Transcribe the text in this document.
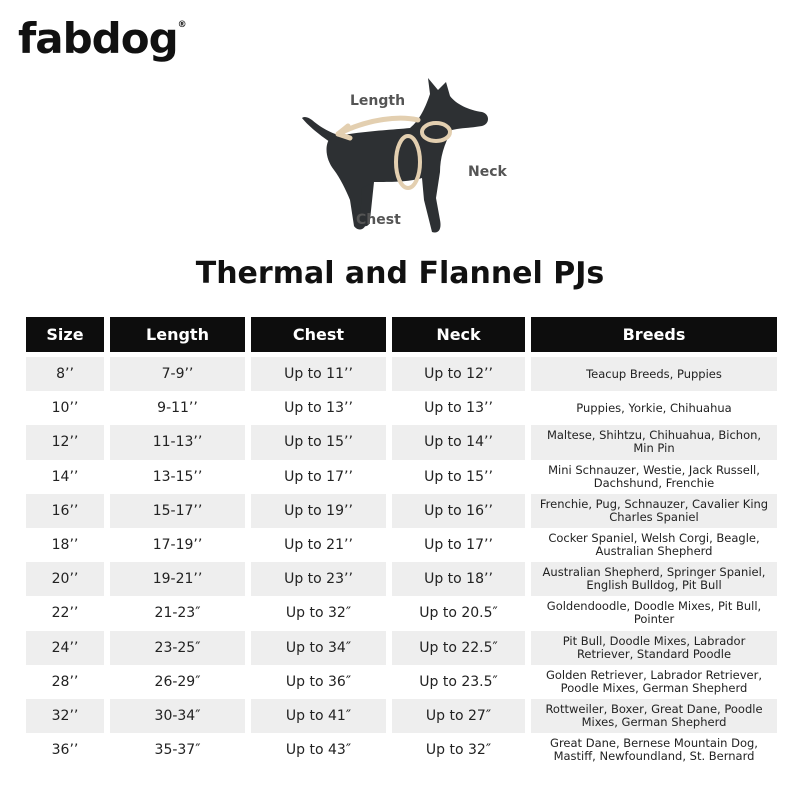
fabdog®
Length
Neck
Chest
Thermal and Flannel PJs
Size	Length	Chest	Neck	Breeds
8’’	7-9’’	Up to 11’’	Up to 12’’	Teacup Breeds, Puppies
10’’	9-11’’	Up to 13’’	Up to 13’’	Puppies, Yorkie, Chihuahua
12’’	11-13’’	Up to 15’’	Up to 14’’	Maltese, Shihtzu, Chihuahua, Bichon, Min Pin
14’’	13-15’’	Up to 17’’	Up to 15’’	Mini Schnauzer, Westie, Jack Russell, Dachshund, Frenchie
16’’	15-17’’	Up to 19’’	Up to 16’’	Frenchie, Pug, Schnauzer, Cavalier King Charles Spaniel
18’’	17-19’’	Up to 21’’	Up to 17’’	Cocker Spaniel, Welsh Corgi, Beagle, Australian Shepherd
20’’	19-21’’	Up to 23’’	Up to 18’’	Australian Shepherd, Springer Spaniel, English Bulldog, Pit Bull
22’’	21-23″	Up to 32″	Up to 20.5″	Goldendoodle, Doodle Mixes, Pit Bull, Pointer
24’’	23-25″	Up to 34″	Up to 22.5″	Pit Bull, Doodle Mixes, Labrador Retriever, Standard Poodle
28’’	26-29″	Up to 36″	Up to 23.5″	Golden Retriever, Labrador Retriever, Poodle Mixes, German Shepherd
32’’	30-34″	Up to 41″	Up to 27″	Rottweiler, Boxer, Great Dane, Poodle Mixes, German Shepherd
36’’	35-37″	Up to 43″	Up to 32″	Great Dane, Bernese Mountain Dog, Mastiff, Newfoundland, St. Bernard
